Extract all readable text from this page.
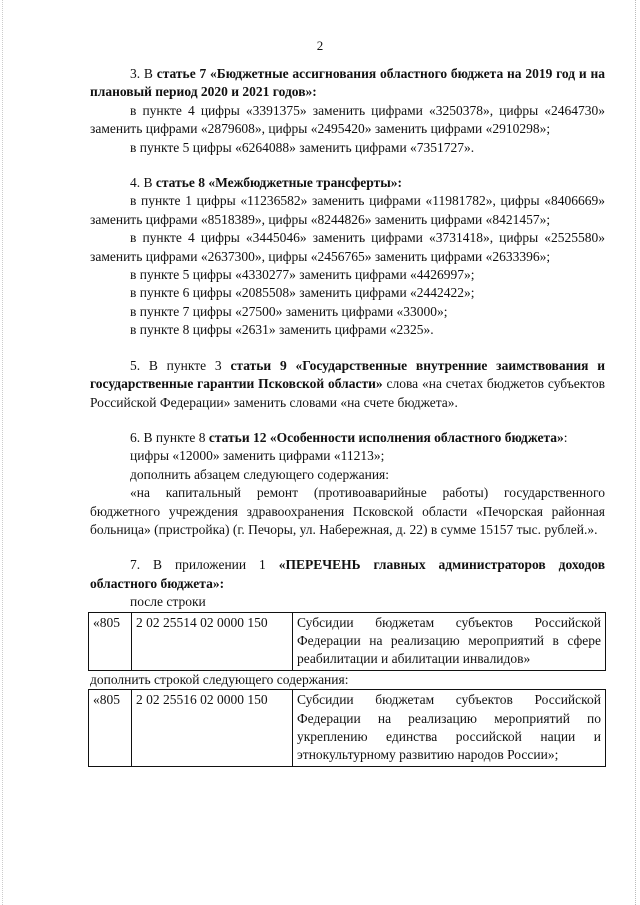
2

3. В статье 7 «Бюджетные ассигнования областного бюджета на 2019 год и на плановый период 2020 и 2021 годов»:

в пункте 4 цифры «3391375» заменить цифрами «3250378», цифры «2464730» заменить цифрами «2879608», цифры «2495420» заменить цифрами «2910298»;

в пункте 5 цифры «6264088» заменить цифрами «7351727».

4. В статье 8 «Межбюджетные трансферты»:

в пункте 1 цифры «11236582» заменить цифрами «11981782», цифры «8406669» заменить цифрами «8518389», цифры «8244826» заменить цифрами «8421457»;

в пункте 4 цифры «3445046» заменить цифрами «3731418», цифры «2525580» заменить цифрами «2637300», цифры «2456765» заменить цифрами «2633396»;

в пункте 5 цифры «4330277» заменить цифрами «4426997»;

в пункте 6 цифры «2085508» заменить цифрами «2442422»;

в пункте 7 цифры «27500» заменить цифрами «33000»;

в пункте 8 цифры «2631» заменить цифрами «2325».

5. В пункте 3 статьи 9 «Государственные внутренние заимствования и государственные гарантии Псковской области» слова «на счетах бюджетов субъектов Российской Федерации» заменить словами «на счете бюджета».

6. В пункте 8 статьи 12 «Особенности исполнения областного бюджета»:

цифры «12000» заменить цифрами «11213»;

дополнить абзацем следующего содержания:

«на капитальный ремонт (противоаварийные работы) государственного бюджетного учреждения здравоохранения Псковской области «Печорская районная больница» (пристройка) (г. Печоры, ул. Набережная, д. 22) в сумме 15157 тыс. рублей.».

7. В приложении 1 «ПЕРЕЧЕНЬ главных администраторов доходов областного бюджета»:

после строки

«805	2 02 25514 02 0000 150	Субсидии бюджетам субъектов Российской Федерации на реализацию мероприятий в сфере реабилитации и абилитации инвалидов»

дополнить строкой следующего содержания:

«805	2 02 25516 02 0000 150	Субсидии бюджетам субъектов Российской Федерации на реализацию мероприятий по укреплению единства российской нации и этнокультурному развитию народов России»;
